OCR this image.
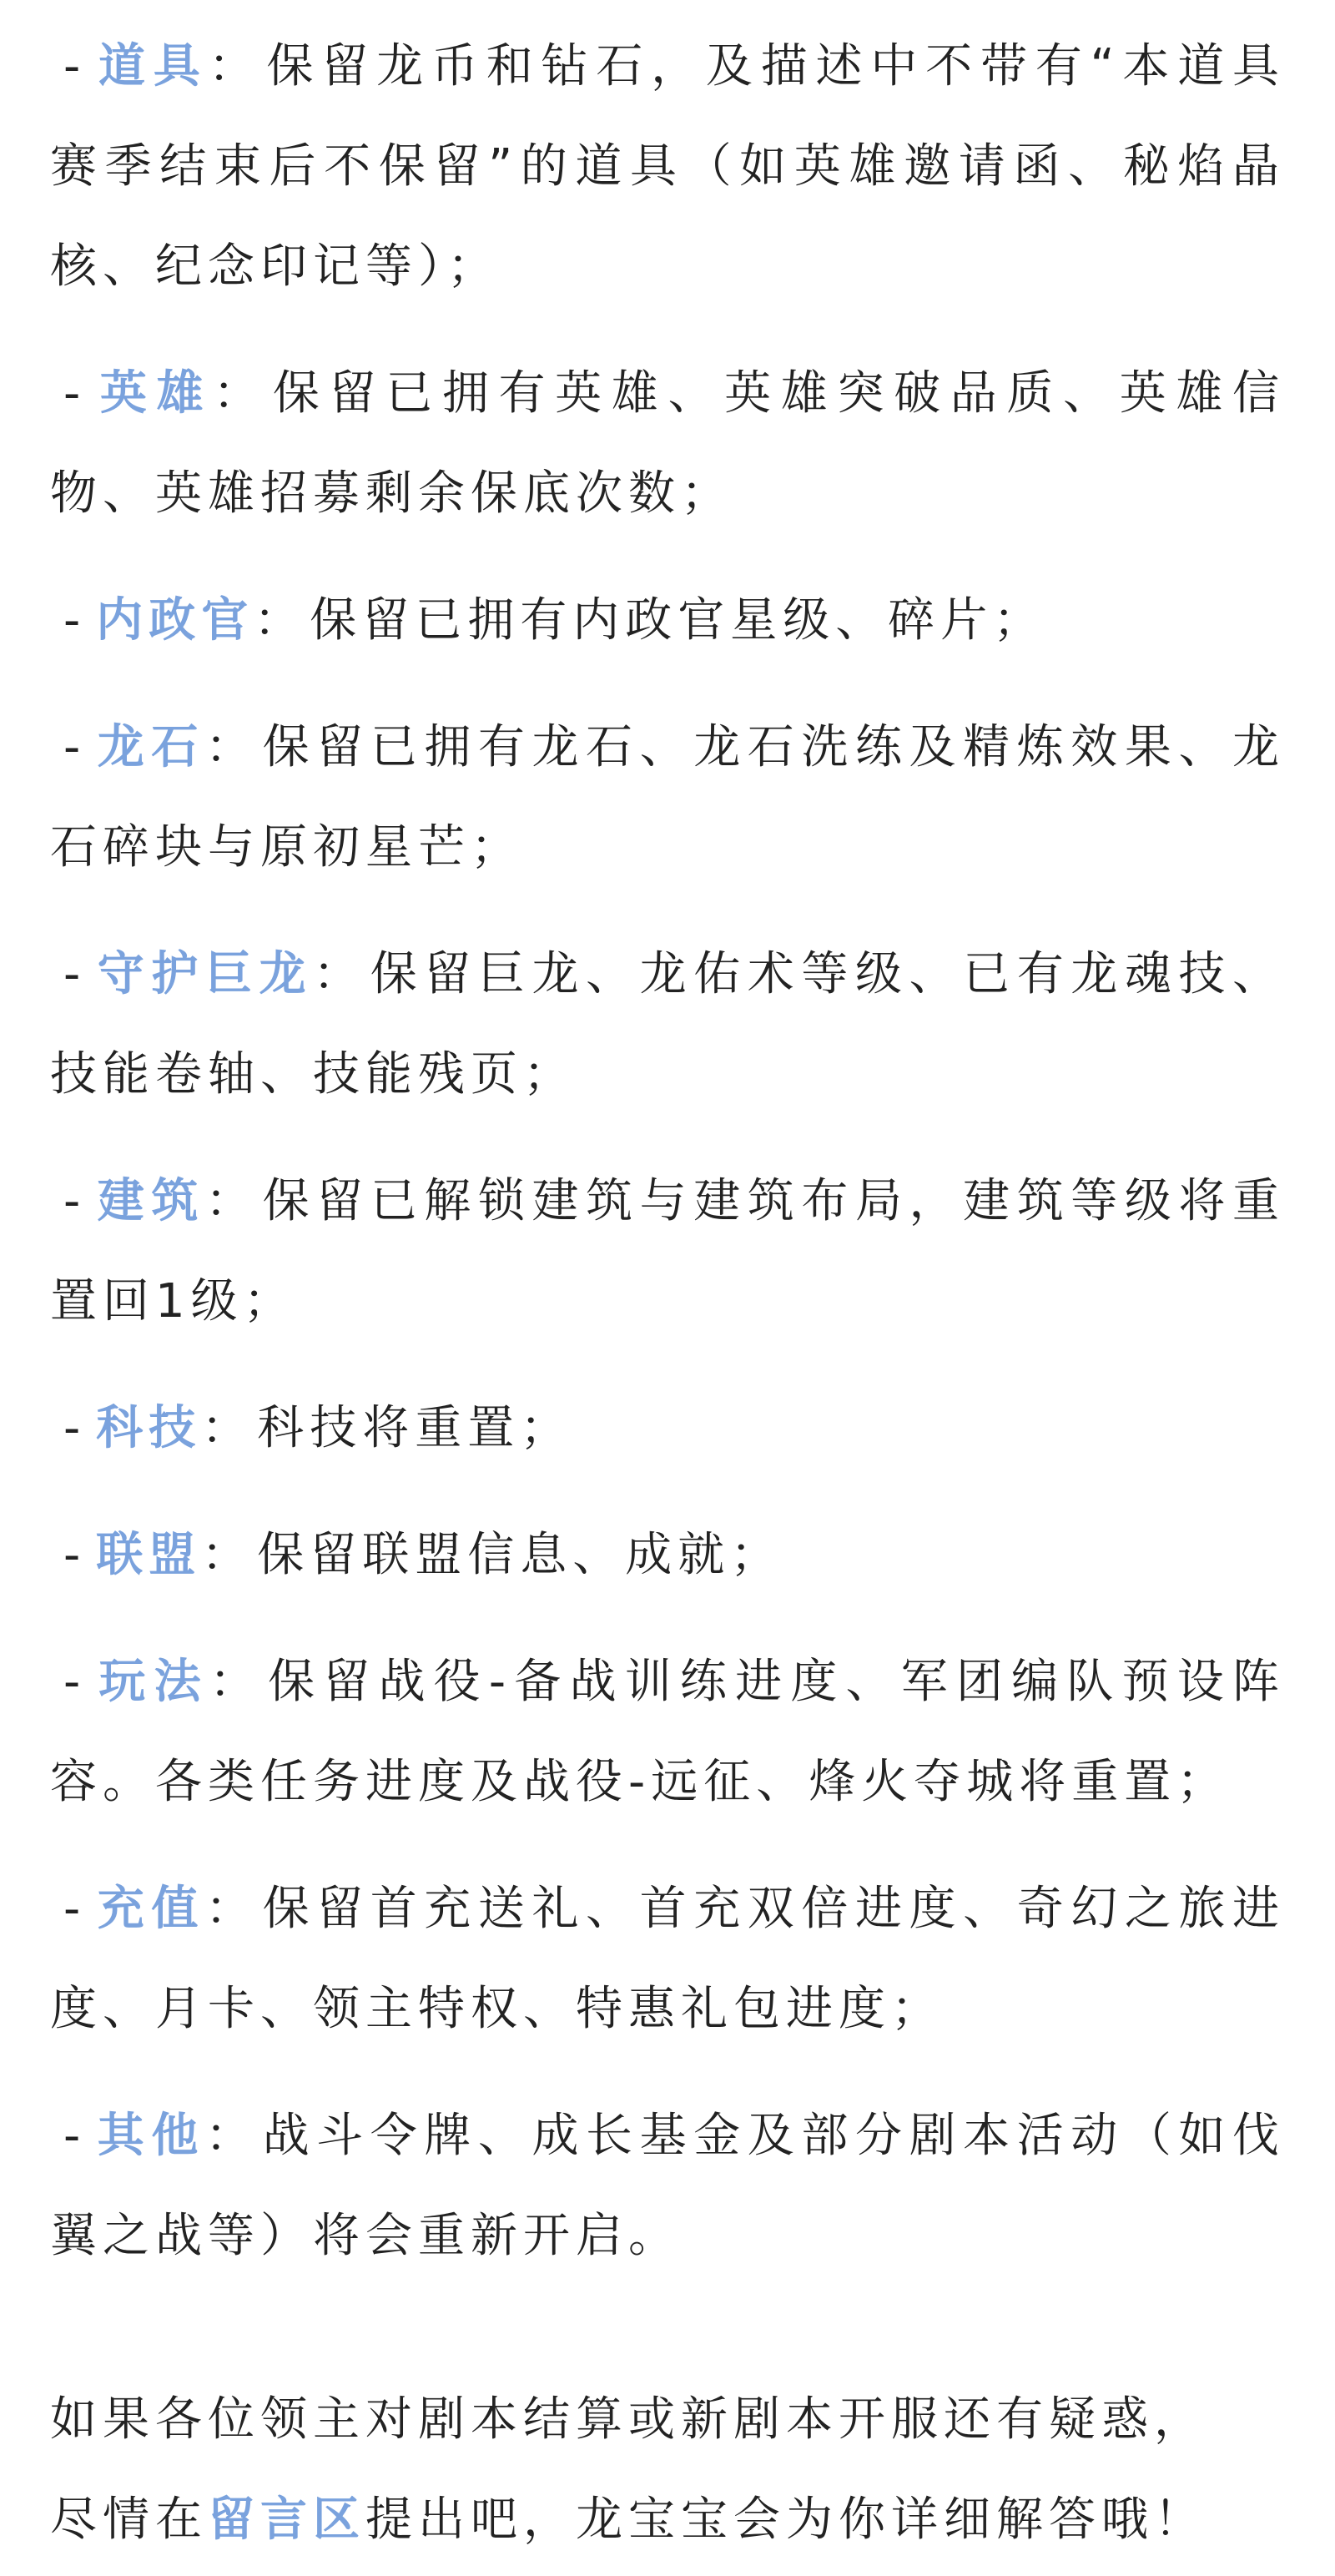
- 道具：保留龙币和钻石，及描述中不带有“本道具赛季结束后不保留”的道具（如英雄邀请函、秘焰晶核、纪念印记等）；
- 英雄：保留已拥有英雄、英雄突破品质、英雄信物、英雄招募剩余保底次数；
- 内政官：保留已拥有内政官星级、碎片；
- 龙石：保留已拥有龙石、龙石洗练及精炼效果、龙石碎块与原初星芒；
- 守护巨龙：保留巨龙、龙佑术等级、已有龙魂技、技能卷轴、技能残页；
- 建筑：保留已解锁建筑与建筑布局，建筑等级将重置回1级；
- 科技：科技将重置；
- 联盟：保留联盟信息、成就；
- 玩法：保留战役-备战训练进度、军团编队预设阵容。各类任务进度及战役-远征、烽火夺城将重置；
- 充值：保留首充送礼、首充双倍进度、奇幻之旅进度、月卡、领主特权、特惠礼包进度；
- 其他：战斗令牌、成长基金及部分剧本活动（如伐翼之战等）将会重新开启。
如果各位领主对剧本结算或新剧本开服还有疑惑，
尽情在留言区提出吧，龙宝宝会为你详细解答哦！
